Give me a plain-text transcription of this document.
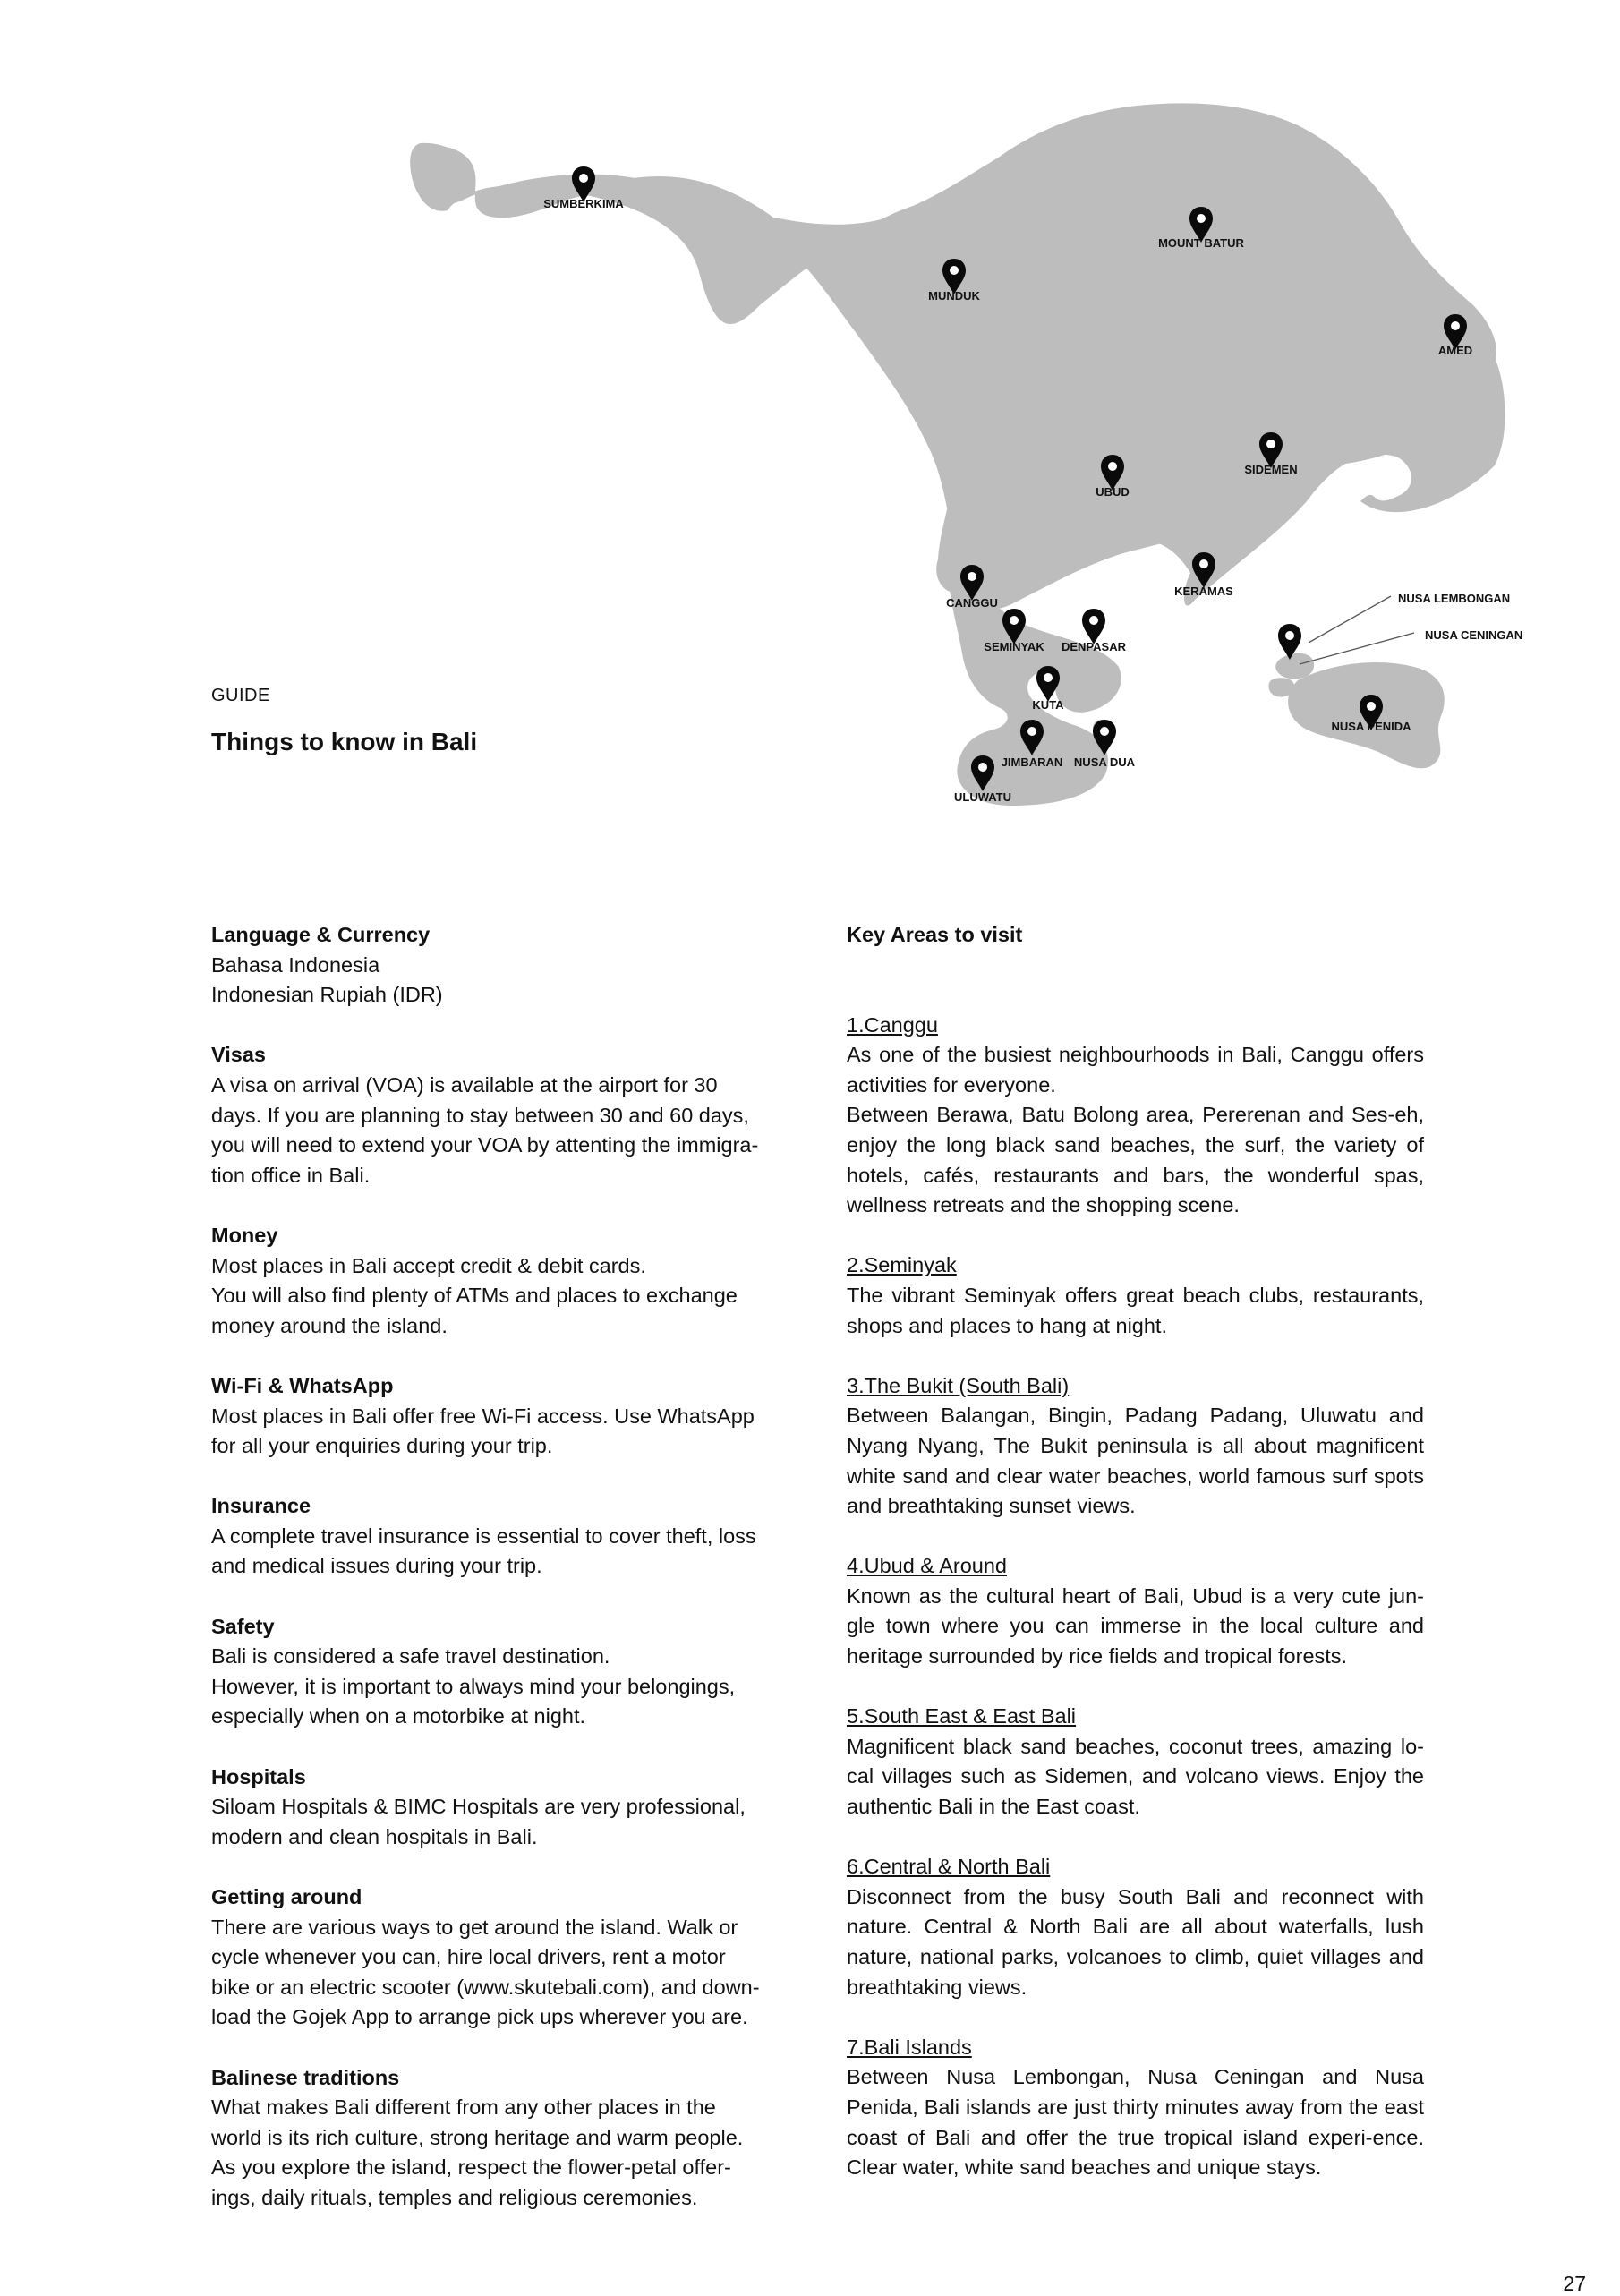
SUMBERKIMA
MOUNT BATUR
MUNDUK
AMED
UBUD
SIDEMEN
KERAMAS
CANGGU
SEMINYAK DENPASAR
KUTA
JIMBARAN NUSA DUA
ULUWATU
NUSA LEMBONGAN
NUSA CENINGAN
NUSA PENIDA
GUIDE
Things to know in Bali
Language & Currency
Bahasa Indonesia
Indonesian Rupiah (IDR)
Visas
A visa on arrival (VOA) is available at the airport for 30
days. If you are planning to stay between 30 and 60 days,
you will need to extend your VOA by attenting the immigra-
tion office in Bali.
Money
Most places in Bali accept credit & debit cards.
You will also find plenty of ATMs and places to exchange
money around the island.
Wi-Fi & WhatsApp
Most places in Bali offer free Wi-Fi access. Use WhatsApp
for all your enquiries during your trip.
Insurance
A complete travel insurance is essential to cover theft, loss
and medical issues during your trip.
Safety
Bali is considered a safe travel destination.
However, it is important to always mind your belongings,
especially when on a motorbike at night.
Hospitals
Siloam Hospitals & BIMC Hospitals are very professional,
modern and clean hospitals in Bali.
Getting around
There are various ways to get around the island. Walk or
cycle whenever you can, hire local drivers, rent a motor
bike or an electric scooter (www.skutebali.com), and down-
load the Gojek App to arrange pick ups wherever you are.
Balinese traditions
What makes Bali different from any other places in the
world is its rich culture, strong heritage and warm people.
As you explore the island, respect the flower-petal offer-
ings, daily rituals, temples and religious ceremonies.
Key Areas to visit
1.Canggu
As one of the busiest neighbourhoods in Bali, Canggu offers activities for everyone.
Between Berawa, Batu Bolong area, Pererenan and Ses-eh, enjoy the long black sand beaches, the surf, the variety of hotels, cafés, restaurants and bars, the wonderful spas, wellness retreats and the shopping scene.
2.Seminyak
The vibrant Seminyak offers great beach clubs, restaurants, shops and places to hang at night.
3.The Bukit (South Bali)
Between Balangan, Bingin, Padang Padang, Uluwatu and Nyang Nyang, The Bukit peninsula is all about magnificent white sand and clear water beaches, world famous surf spots and breathtaking sunset views.
4.Ubud & Around
Known as the cultural heart of Bali, Ubud is a very cute jun-gle town where you can immerse in the local culture and heritage surrounded by rice fields and tropical forests.
5.South East & East Bali
Magnificent black sand beaches, coconut trees, amazing lo-cal villages such as Sidemen, and volcano views. Enjoy the authentic Bali in the East coast.
6.Central & North Bali
Disconnect from the busy South Bali and reconnect with nature. Central & North Bali are all about waterfalls, lush nature, national parks, volcanoes to climb, quiet villages and breathtaking views.
7.Bali Islands
Between Nusa Lembongan, Nusa Ceningan and Nusa Penida, Bali islands are just thirty minutes away from the east coast of Bali and offer the true tropical island experi-ence. Clear water, white sand beaches and unique stays.
27
